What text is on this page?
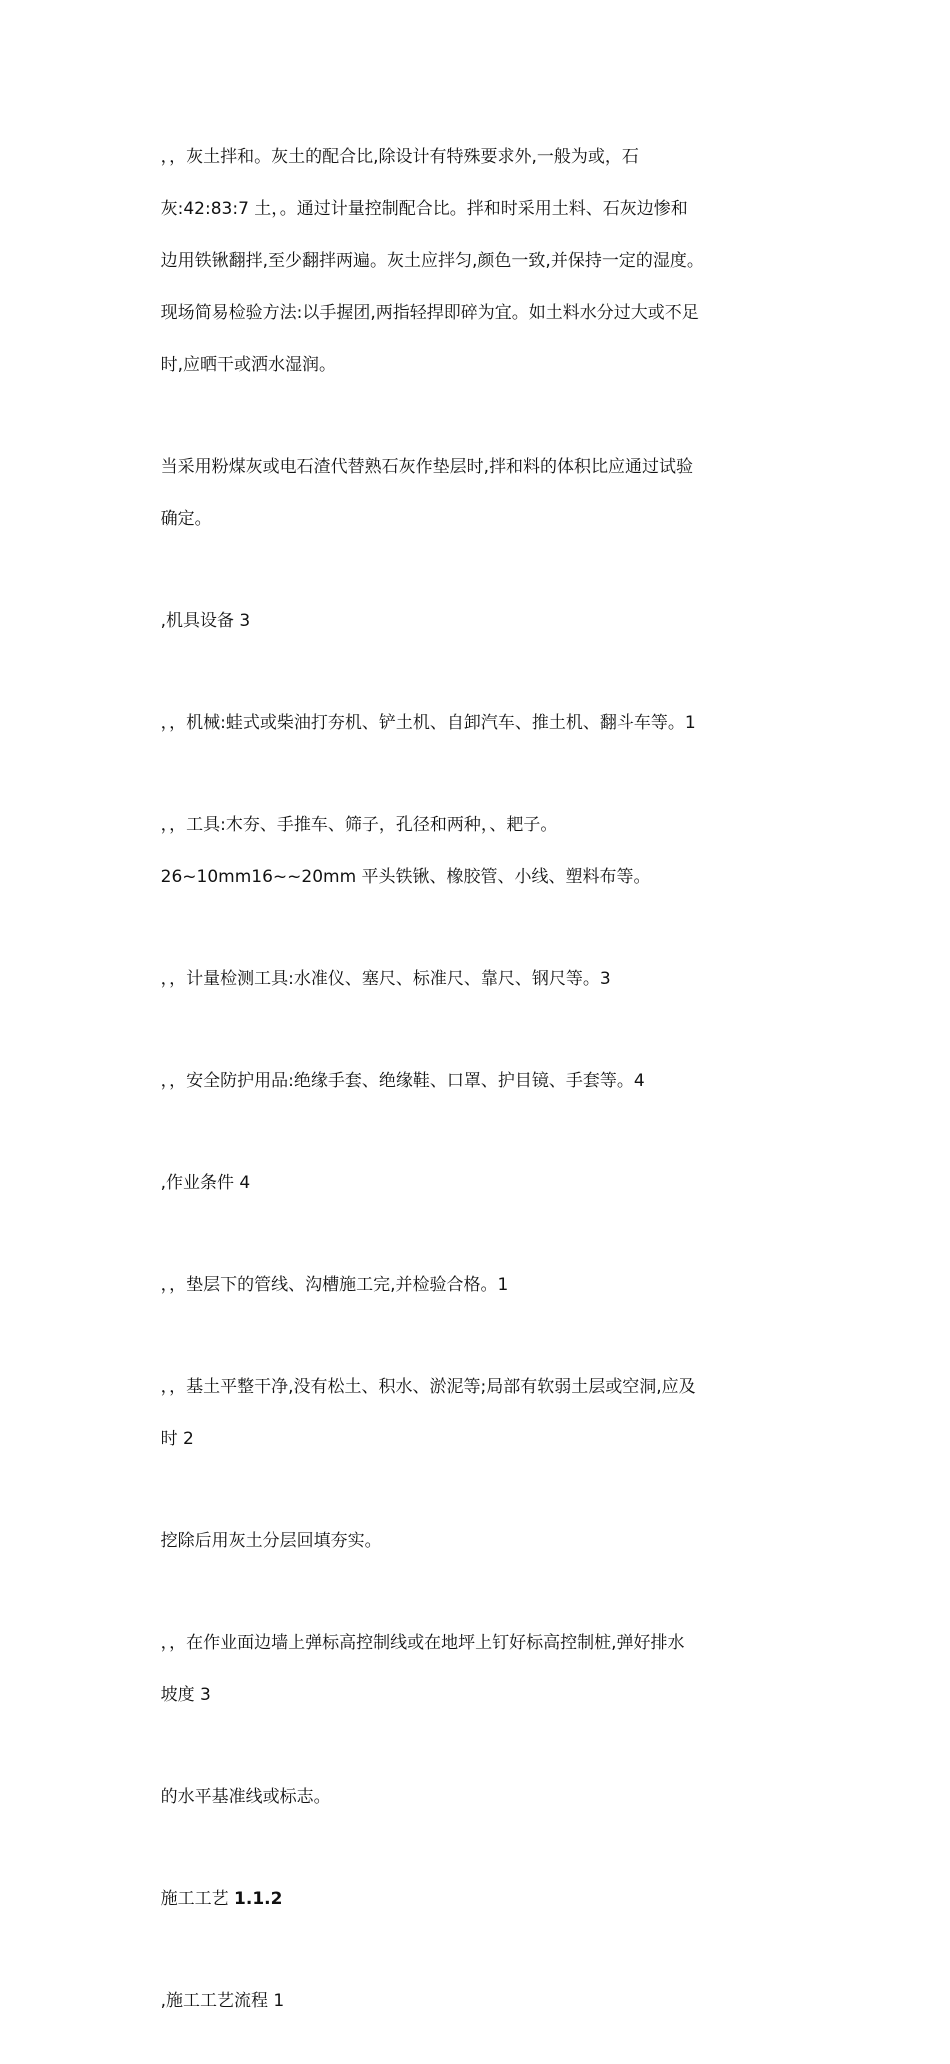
，，灰土拌和。灰土的配合比,除设计有特殊要求外,一般为或，石

灰:42:83:7 土，。通过计量控制配合比。拌和时采用土料、石灰边惨和

边用铁锹翻拌,至少翻拌两遍。灰土应拌匀,颜色一致,并保持一定的湿度。

现场简易检验方法:以手握团,两指轻捍即碎为宜。如土料水分过大或不足

时,应晒干或洒水湿润。

当采用粉煤灰或电石渣代替熟石灰作垫层时,拌和料的体积比应通过试验

确定。

,机具设备 3

，，机械:蛙式或柴油打夯机、铲土机、自卸汽车、推土机、翻斗车等。1

，，工具:木夯、手推车、筛子，孔径和两种，、耙子。

26~10mm16~~20mm 平头铁锹、橡胶管、小线、塑料布等。

，，计量检测工具:水准仪、塞尺、标准尺、靠尺、钢尺等。3

，，安全防护用品:绝缘手套、绝缘鞋、口罩、护目镜、手套等。4

,作业条件 4

，，垫层下的管线、沟槽施工完,并检验合格。1

，，基土平整干净,没有松土、积水、淤泥等;局部有软弱土层或空洞,应及

时 2

挖除后用灰土分层回填夯实。

，，在作业面边墙上弹标高控制线或在地坪上钉好标高控制桩,弹好排水

坡度 3

的水平基准线或标志。

施工工艺 1.1.2

,施工工艺流程 1
